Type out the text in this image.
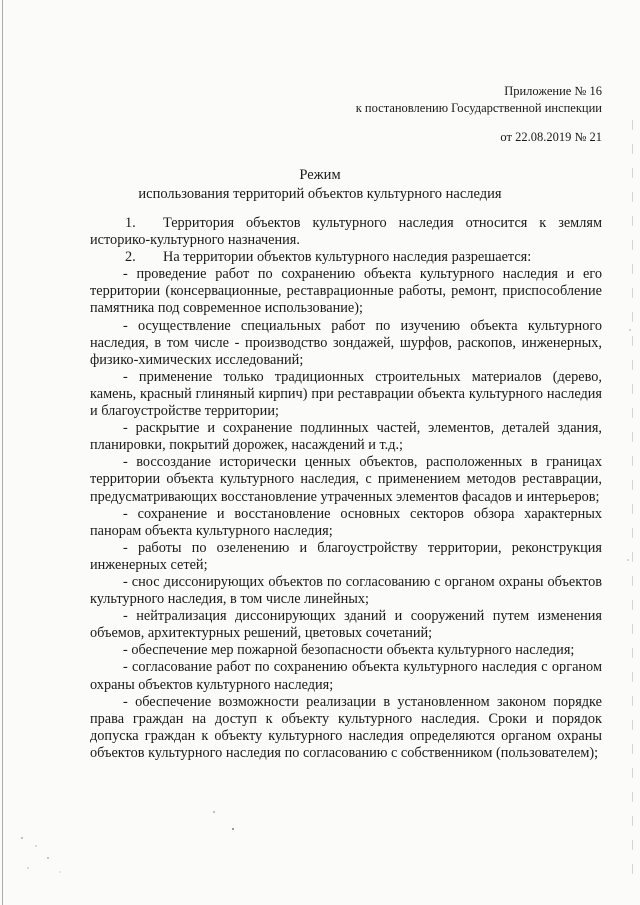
Приложение № 16
к постановлению Государственной инспекции
от 22.08.2019 № 21
Режим
использования территорий объектов культурного наследия

1. Территория объектов культурного наследия относится к землям историко-культурного назначения.

2. На территории объектов культурного наследия разрешается:

- проведение работ по сохранению объекта культурного наследия и его территории (консервационные, реставрационные работы, ремонт, приспособление памятника под современное использование);

- осуществление специальных работ по изучению объекта культурного наследия, в том числе - производство зондажей, шурфов, раскопов, инженерных, физико-химических исследований;

- применение только традиционных строительных материалов (дерево, камень, красный глиняный кирпич) при реставрации объекта культурного наследия и благоустройстве территории;

- раскрытие и сохранение подлинных частей, элементов, деталей здания, планировки, покрытий дорожек, насаждений и т.д.;

- воссоздание исторически ценных объектов, расположенных в границах территории объекта культурного наследия, с применением методов реставрации, предусматривающих восстановление утраченных элементов фасадов и интерьеров;

- сохранение и восстановление основных секторов обзора характерных панорам объекта культурного наследия;

- работы по озеленению и благоустройству территории, реконструкция инженерных сетей;

- снос диссонирующих объектов по согласованию с органом охраны объектов культурного наследия, в том числе линейных;

- нейтрализация диссонирующих зданий и сооружений путем изменения объемов, архитектурных решений, цветовых сочетаний;

- обеспечение мер пожарной безопасности объекта культурного наследия;

- согласование работ по сохранению объекта культурного наследия с органом охраны объектов культурного наследия;

- обеспечение возможности реализации в установленном законом порядке права граждан на доступ к объекту культурного наследия. Сроки и порядок допуска граждан к объекту культурного наследия определяются органом охраны объектов культурного наследия по согласованию с собственником (пользователем);
